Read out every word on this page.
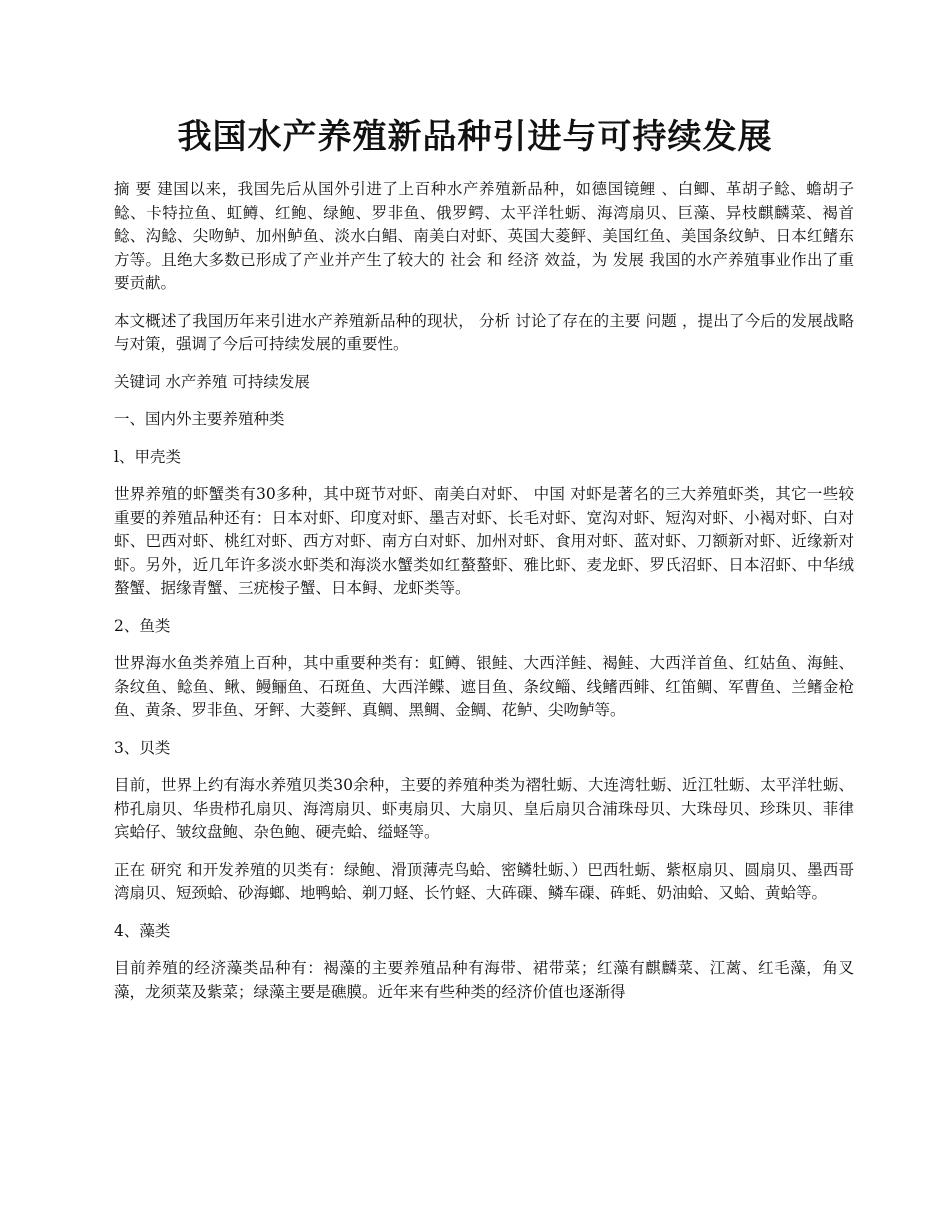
我国水产养殖新品种引进与可持续发展

摘 要 建国以来，我国先后从国外引进了上百种水产养殖新品种，如德国镜鲤 、白鲫、革胡子鲶、蟾胡子鲶、卡特拉鱼、虹鳟、红鲍、绿鲍、罗非鱼、俄罗鳄、太平洋牡蛎、海湾扇贝、巨藻、异枝麒麟菜、褐首鲶、沟鲶、尖吻鲈、加州鲈鱼、淡水白鲳、南美白对虾、英国大菱鲆、美国红鱼、美国条纹鲈、日本红鳍东方等。且绝大多数已形成了产业并产生了较大的 社会 和 经济 效益，为 发展 我国的水产养殖事业作出了重要贡献。

本文概述了我国历年来引进水产养殖新品种的现状， 分析 讨论了存在的主要 问题 ，提出了今后的发展战略与对策，强调了今后可持续发展的重要性。

关键词 水产养殖 可持续发展

一、国内外主要养殖种类

l、甲壳类

世界养殖的虾蟹类有30多种，其中斑节对虾、南美白对虾、 中国 对虾是著名的三大养殖虾类，其它一些较重要的养殖品种还有：日本对虾、印度对虾、墨吉对虾、长毛对虾、宽沟对虾、短沟对虾、小褐对虾、白对虾、巴西对虾、桃红对虾、西方对虾、南方白对虾、加州对虾、食用对虾、蓝对虾、刀额新对虾、近缘新对虾。另外，近几年许多淡水虾类和海淡水蟹类如红螯螯虾、雅比虾、麦龙虾、罗氏沼虾、日本沼虾、中华绒螯蟹、据缘青蟹、三疣梭子蟹、日本鲟、龙虾类等。

2、鱼类

世界海水鱼类养殖上百种，其中重要种类有：虹鳟、银鲑、大西洋鲑、褐鲑、大西洋首鱼、红姑鱼、海鲑、条纹鱼、鲶鱼、鳅、鳗鲡鱼、石斑鱼、大西洋鲽、遮目鱼、条纹鲻、线鳍西鲱、红笛鲷、军曹鱼、兰鳍金枪鱼、黄条、罗非鱼、牙鲆、大菱鲆、真鲷、黑鲷、金鲷、花鲈、尖吻鲈等。

3、贝类

目前，世界上约有海水养殖贝类30余种，主要的养殖种类为褶牡蛎、大连湾牡蛎、近江牡蛎、太平洋牡蛎、栉孔扇贝、华贵栉孔扇贝、海湾扇贝、虾夷扇贝、大扇贝、皇后扇贝合浦珠母贝、大珠母贝、珍珠贝、菲律宾蛤仔、皱纹盘鲍、杂色鲍、硬壳蛤、缢蛏等。

正在 研究 和开发养殖的贝类有：绿鲍、滑顶薄壳鸟蛤、密鳞牡蛎、）巴西牡蛎、紫枢扇贝、圆扇贝、墨西哥湾扇贝、短颈蛤、砂海螂、地鸭蛤、剃刀蛏、长竹蛏、大砗磲、鳞车磲、砗蚝、奶油蛤、又蛤、黄蛤等。

4、藻类

目前养殖的经济藻类品种有：褐藻的主要养殖品种有海带、裙带菜；红藻有麒麟菜、江蓠、红毛藻，角叉藻，龙须菜及紫菜；绿藻主要是礁膜。近年来有些种类的经济价值也逐渐得
